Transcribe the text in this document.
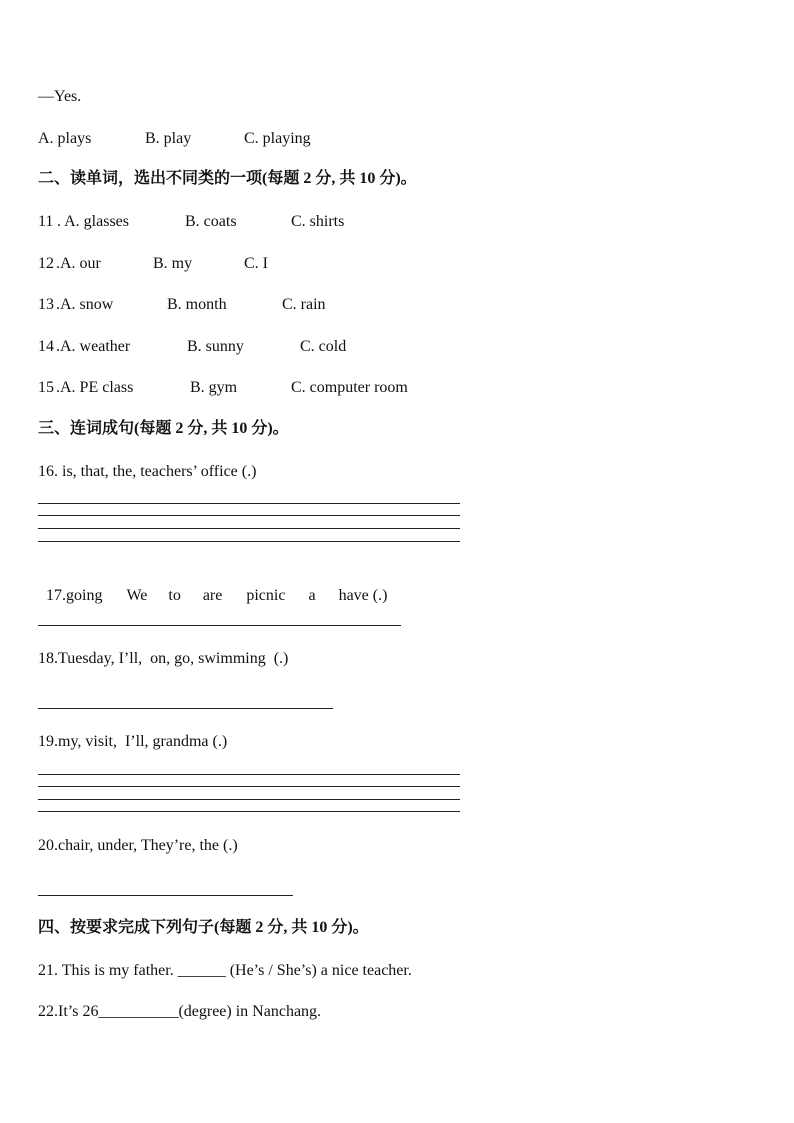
—Yes.

A. plays

	B. play

	C. playing

二、读单词，选出不同类的一项(每题 2 分, 共 10 分)。

11

. A. glasses

	B. coats

	C. shirts

12

.A. our

	B. my

	C. I

13

.A. snow

	B. month

	C. rain

14

.A. weather

	B. sunny

	C. cold

15

.A. PE class

	B. gym

	C. computer room

三、连词成句(每题 2 分, 共 10 分)。
16. is, that, the, teachers’ office (.)

17.going We to are picnic a have (.)

18.Tuesday, I’ll,  on, go, swimming  (.)
19.my, visit,  I’ll, grandma (.)
20.chair, under, They’re, the (.)
四、按要求完成下列句子(每题 2 分, 共 10 分)。
21. This is my father. ______ (He’s / She’s) a nice teacher.
22.It’s 26__________(degree) in Nanchang.
